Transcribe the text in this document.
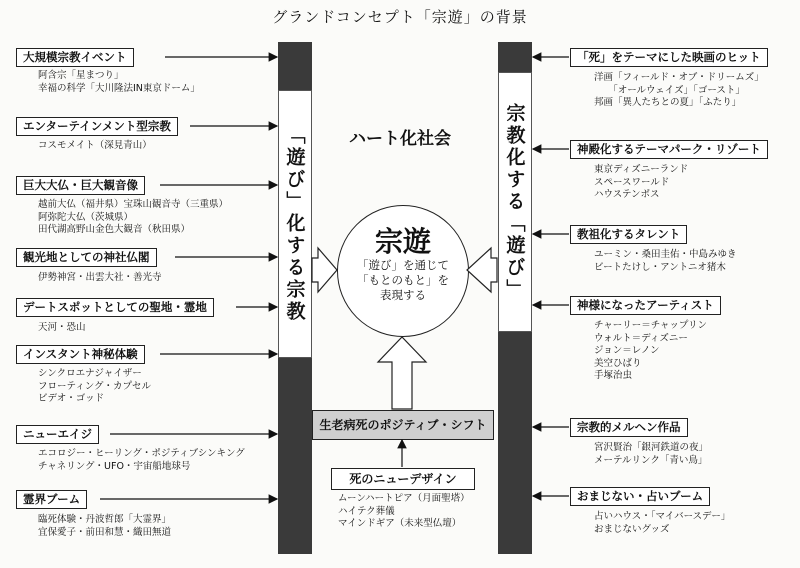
グランドコンセプト「宗遊」の背景
「遊び」化する宗教	宗教化する「遊び」
大規模宗教イベント
阿含宗「星まつり」
幸福の科学「大川隆法IN東京ドーム」
エンターテインメント型宗教
コスモメイト（深見青山）
巨大大仏・巨大観音像
越前大仏（福井県）宝珠山観音寺（三重県）
阿弥陀大仏（茨城県）
田代湖高野山金色大観音（秋田県）
観光地としての神社仏閣
伊勢神宮・出雲大社・善光寺
デートスポットとしての聖地・霊地
天河・恐山
インスタント神秘体験
シンクロエナジャイザー
フローティング・カプセル
ビデオ・ゴッド
ニューエイジ
エコロジー・ヒーリング・ポジティブシンキング
チャネリング・UFO・宇宙船地球号
霊界ブーム
臨死体験・丹波哲郎「大霊界」
宜保愛子・前田和慧・織田無道
「死」をテーマにした映画のヒット
洋画「フィールド・オブ・ドリームズ」
　　「オールウェイズ」「ゴースト」
邦画「異人たちとの夏」「ふたり」
神殿化するテーマパーク・リゾート
東京ディズニーランド
スペースワールド
ハウステンボス
教祖化するタレント
ユーミン・桑田圭佑・中島みゆき
ビートたけし・アントニオ猪木
神様になったアーティスト
チャーリー＝チャップリン
ウォルト＝ディズニー
ジョン＝レノン
美空ひばり
手塚治虫
宗教的メルヘン作品
宮沢賢治「銀河鉄道の夜」
メーテルリンク「青い鳥」
おまじない・占いブーム
占いハウス・「マイバースデー」
おまじないグッズ
ハート化社会
宗遊
「遊び」を通じて
「もとのもと」を
表現する
生老病死のポジティブ・シフト
死のニューデザイン
ムーンハートピア（月面聖塔）
ハイテク葬儀
マインドギア（未来型仏壇）
